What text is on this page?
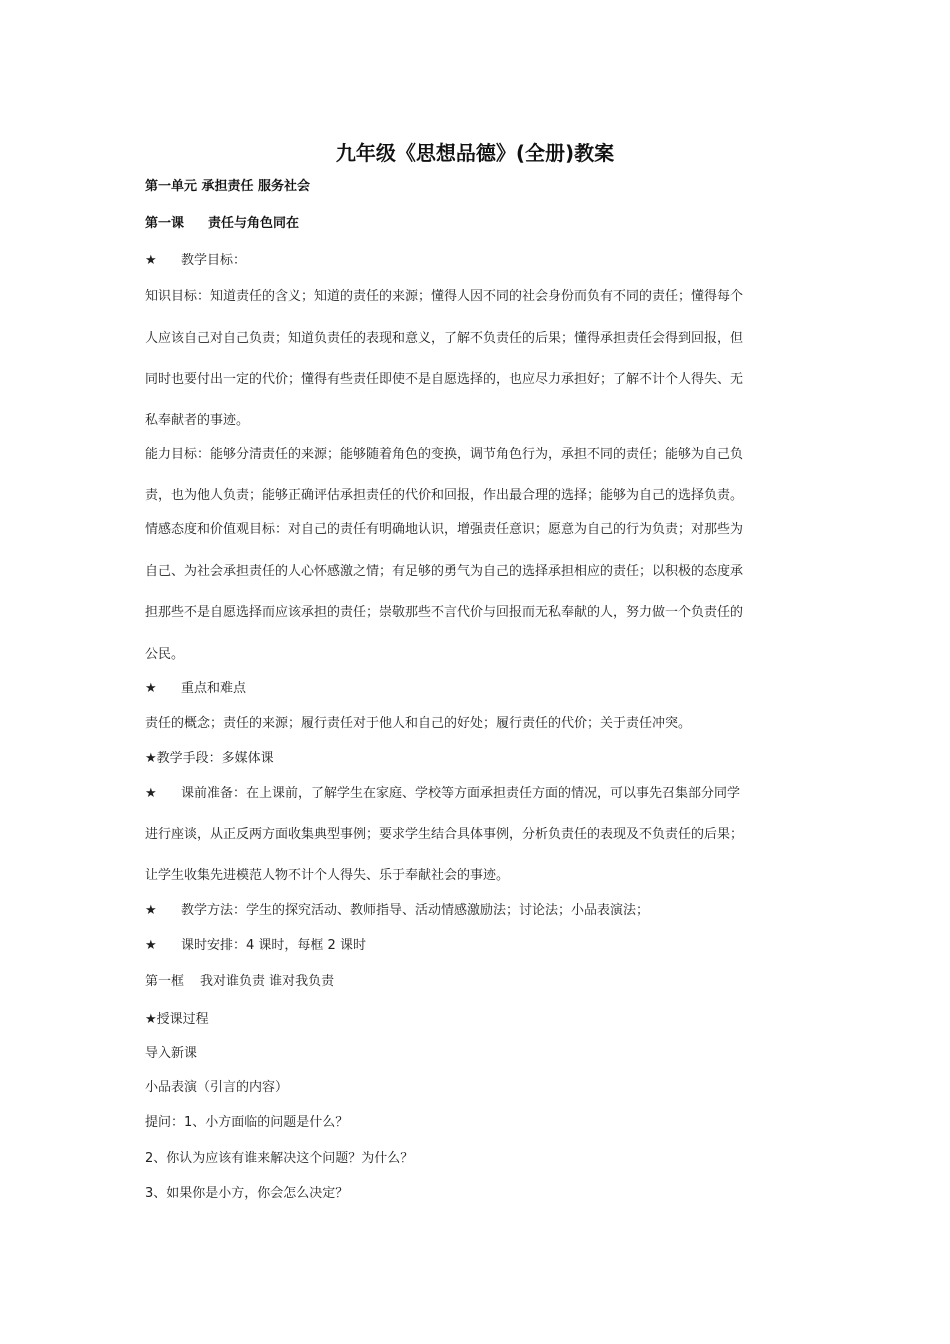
九年级《思想品德》(全册)教案
第一单元 承担责任 服务社会
第一课 责任与角色同在
★ 教学目标：
知识目标：知道责任的含义；知道的责任的来源；懂得人因不同的社会身份而负有不同的责任；懂得每个
人应该自己对自己负责；知道负责任的表现和意义，了解不负责任的后果；懂得承担责任会得到回报，但
同时也要付出一定的代价；懂得有些责任即使不是自愿选择的，也应尽力承担好；了解不计个人得失、无
私奉献者的事迹。
能力目标：能够分清责任的来源；能够随着角色的变换，调节角色行为，承担不同的责任；能够为自己负
责，也为他人负责；能够正确评估承担责任的代价和回报，作出最合理的选择；能够为自己的选择负责。
情感态度和价值观目标：对自己的责任有明确地认识，增强责任意识；愿意为自己的行为负责；对那些为
自己、为社会承担责任的人心怀感激之情；有足够的勇气为自己的选择承担相应的责任；以积极的态度承
担那些不是自愿选择而应该承担的责任；崇敬那些不言代价与回报而无私奉献的人，努力做一个负责任的
公民。
★ 重点和难点
责任的概念；责任的来源；履行责任对于他人和自己的好处；履行责任的代价；关于责任冲突。
★教学手段：多媒体课
★ 课前准备：在上课前，了解学生在家庭、学校等方面承担责任方面的情况，可以事先召集部分同学
进行座谈，从正反两方面收集典型事例；要求学生结合具体事例，分析负责任的表现及不负责任的后果；
让学生收集先进模范人物不计个人得失、乐于奉献社会的事迹。
★ 教学方法：学生的探究活动、教师指导、活动情感激励法；讨论法；小品表演法；
★ 课时安排：4 课时，每框 2 课时
第一框 我对谁负责 谁对我负责
★授课过程
导入新课
小品表演（引言的内容）
提问：1、小方面临的问题是什么？
2、你认为应该有谁来解决这个问题？为什么？
3、如果你是小方，你会怎么决定？
